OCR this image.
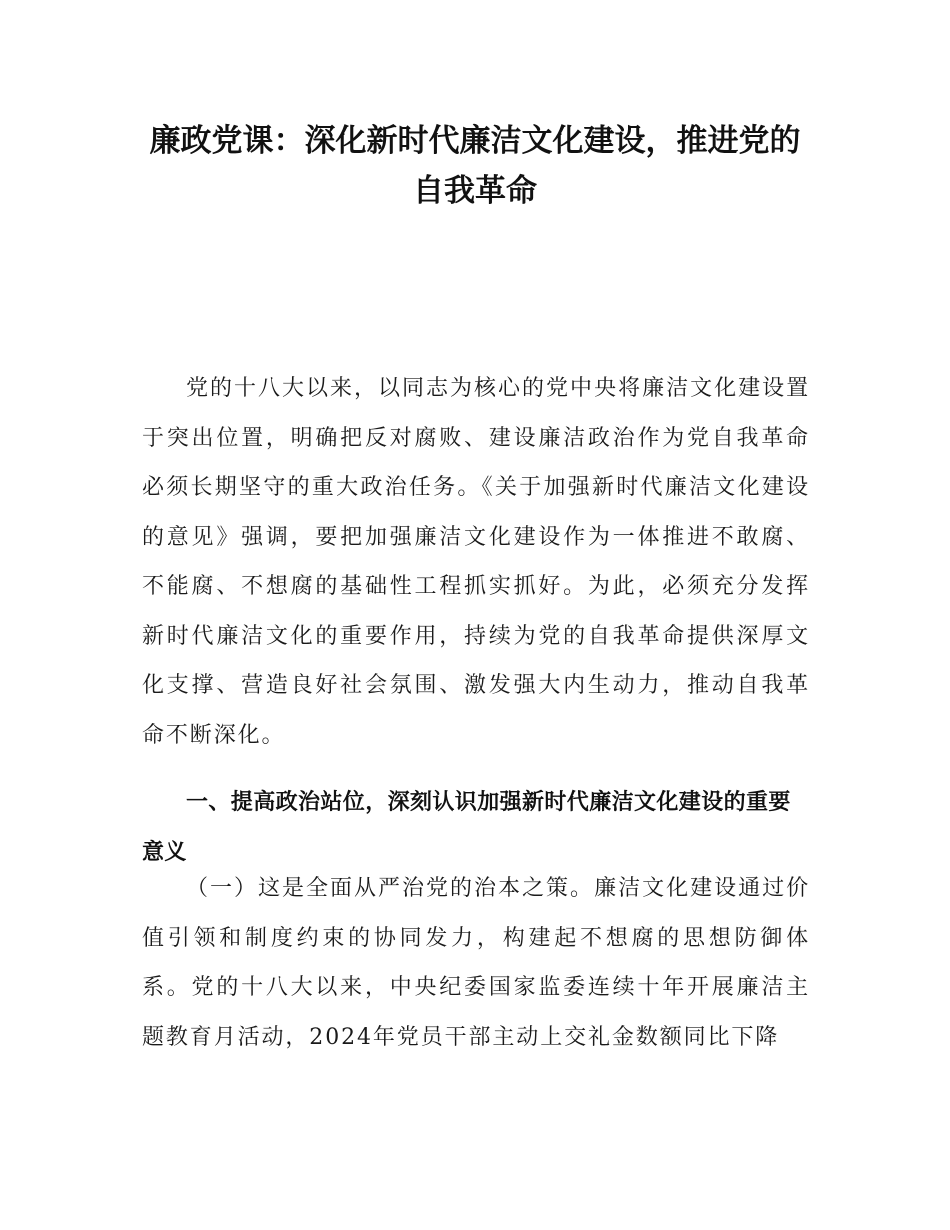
廉政党课：深化新时代廉洁文化建设，推进党的自我革命

党的十八大以来，以同志为核心的党中央将廉洁文化建设置于突出位置，明确把反对腐败、建设廉洁政治作为党自我革命必须长期坚守的重大政治任务。《关于加强新时代廉洁文化建设的意见》强调，要把加强廉洁文化建设作为一体推进不敢腐、不能腐、不想腐的基础性工程抓实抓好。为此，必须充分发挥新时代廉洁文化的重要作用，持续为党的自我革命提供深厚文化支撑、营造良好社会氛围、激发强大内生动力，推动自我革命不断深化。

一、提高政治站位，深刻认识加强新时代廉洁文化建设的重要意义

（一）这是全面从严治党的治本之策。廉洁文化建设通过价值引领和制度约束的协同发力，构建起不想腐的思想防御体系。党的十八大以来，中央纪委国家监委连续十年开展廉洁主题教育月活动，2024年党员干部主动上交礼金数额同比下降
